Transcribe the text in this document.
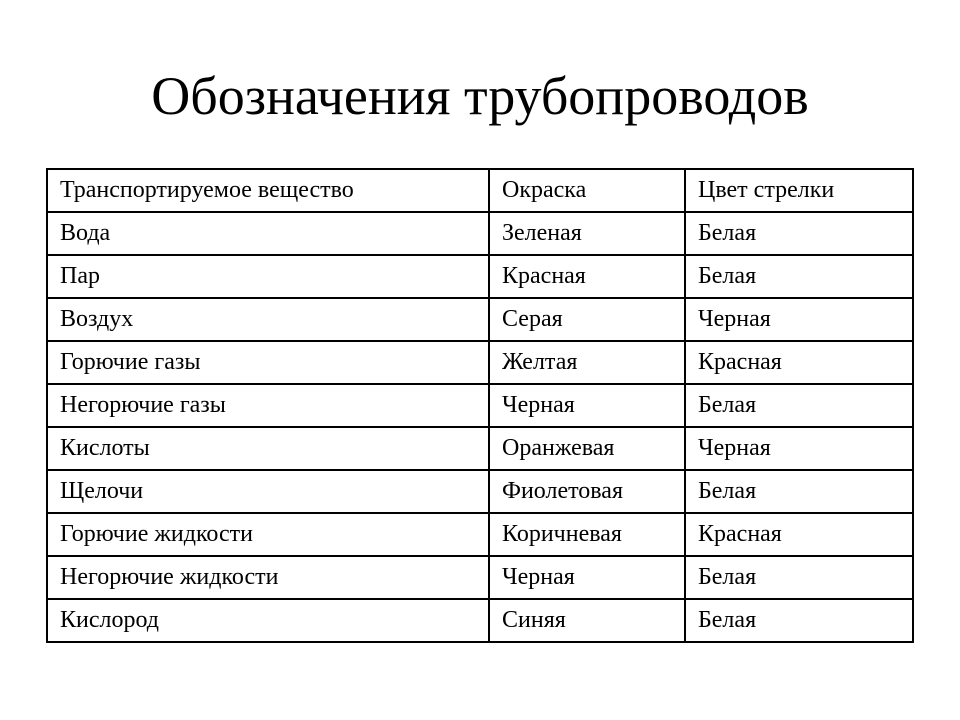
Обозначения трубопроводов
Транспортируемое вещество	Окраска	Цвет стрелки
Вода	Зеленая	Белая
Пар	Красная	Белая
Воздух	Серая	Черная
Горючие газы	Желтая	Красная
Негорючие газы	Черная	Белая
Кислоты	Оранжевая	Черная
Щелочи	Фиолетовая	Белая
Горючие жидкости	Коричневая	Красная
Негорючие жидкости	Черная	Белая
Кислород	Синяя	Белая
